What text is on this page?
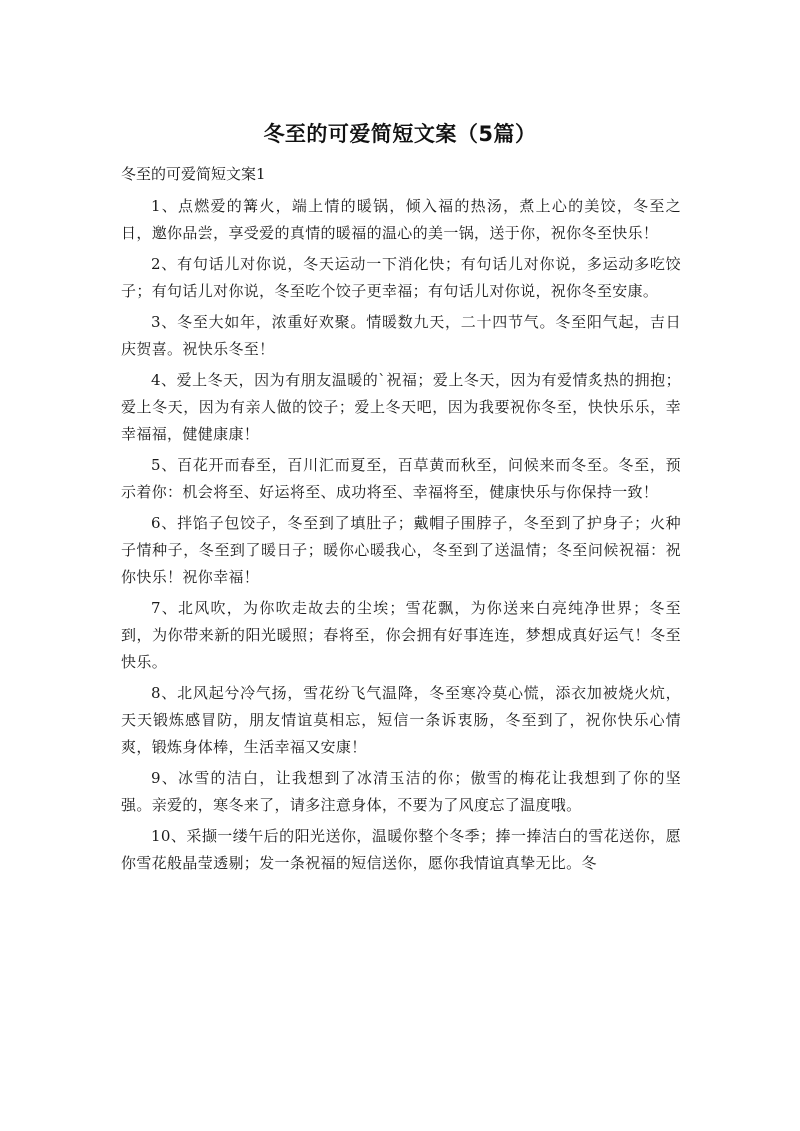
冬至的可爱简短文案（5篇）
冬至的可爱简短文案1

1、点燃爱的篝火，端上情的暖锅，倾入福的热汤，煮上心的美饺，冬至之日，邀你品尝，享受爱的真情的暖福的温心的美一锅，送于你，祝你冬至快乐！

2、有句话儿对你说，冬天运动一下消化快；有句话儿对你说，多运动多吃饺子；有句话儿对你说，冬至吃个饺子更幸福；有句话儿对你说，祝你冬至安康。

3、冬至大如年，浓重好欢聚。情暖数九天，二十四节气。冬至阳气起，吉日庆贺喜。祝快乐冬至！

4、爱上冬天，因为有朋友温暖的`祝福；爱上冬天，因为有爱情炙热的拥抱；爱上冬天，因为有亲人做的饺子；爱上冬天吧，因为我要祝你冬至，快快乐乐，幸幸福福，健健康康！

5、百花开而春至，百川汇而夏至，百草黄而秋至，问候来而冬至。冬至，预示着你：机会将至、好运将至、成功将至、幸福将至，健康快乐与你保持一致！

6、拌馅子包饺子，冬至到了填肚子；戴帽子围脖子，冬至到了护身子；火种子情种子，冬至到了暖日子；暖你心暖我心，冬至到了送温情；冬至问候祝福：祝你快乐！祝你幸福！

7、北风吹，为你吹走故去的尘埃；雪花飘，为你送来白亮纯净世界；冬至到，为你带来新的阳光暖照；春将至，你会拥有好事连连，梦想成真好运气！冬至快乐。

8、北风起兮冷气扬，雪花纷飞气温降，冬至寒冷莫心慌，添衣加被烧火炕，天天锻炼感冒防，朋友情谊莫相忘，短信一条诉衷肠，冬至到了，祝你快乐心情爽，锻炼身体棒，生活幸福又安康！

9、冰雪的洁白，让我想到了冰清玉洁的你；傲雪的梅花让我想到了你的坚强。亲爱的，寒冬来了，请多注意身体，不要为了风度忘了温度哦。

10、采撷一缕午后的阳光送你，温暖你整个冬季；捧一捧洁白的雪花送你，愿你雪花般晶莹透剔；发一条祝福的短信送你，愿你我情谊真挚无比。冬
